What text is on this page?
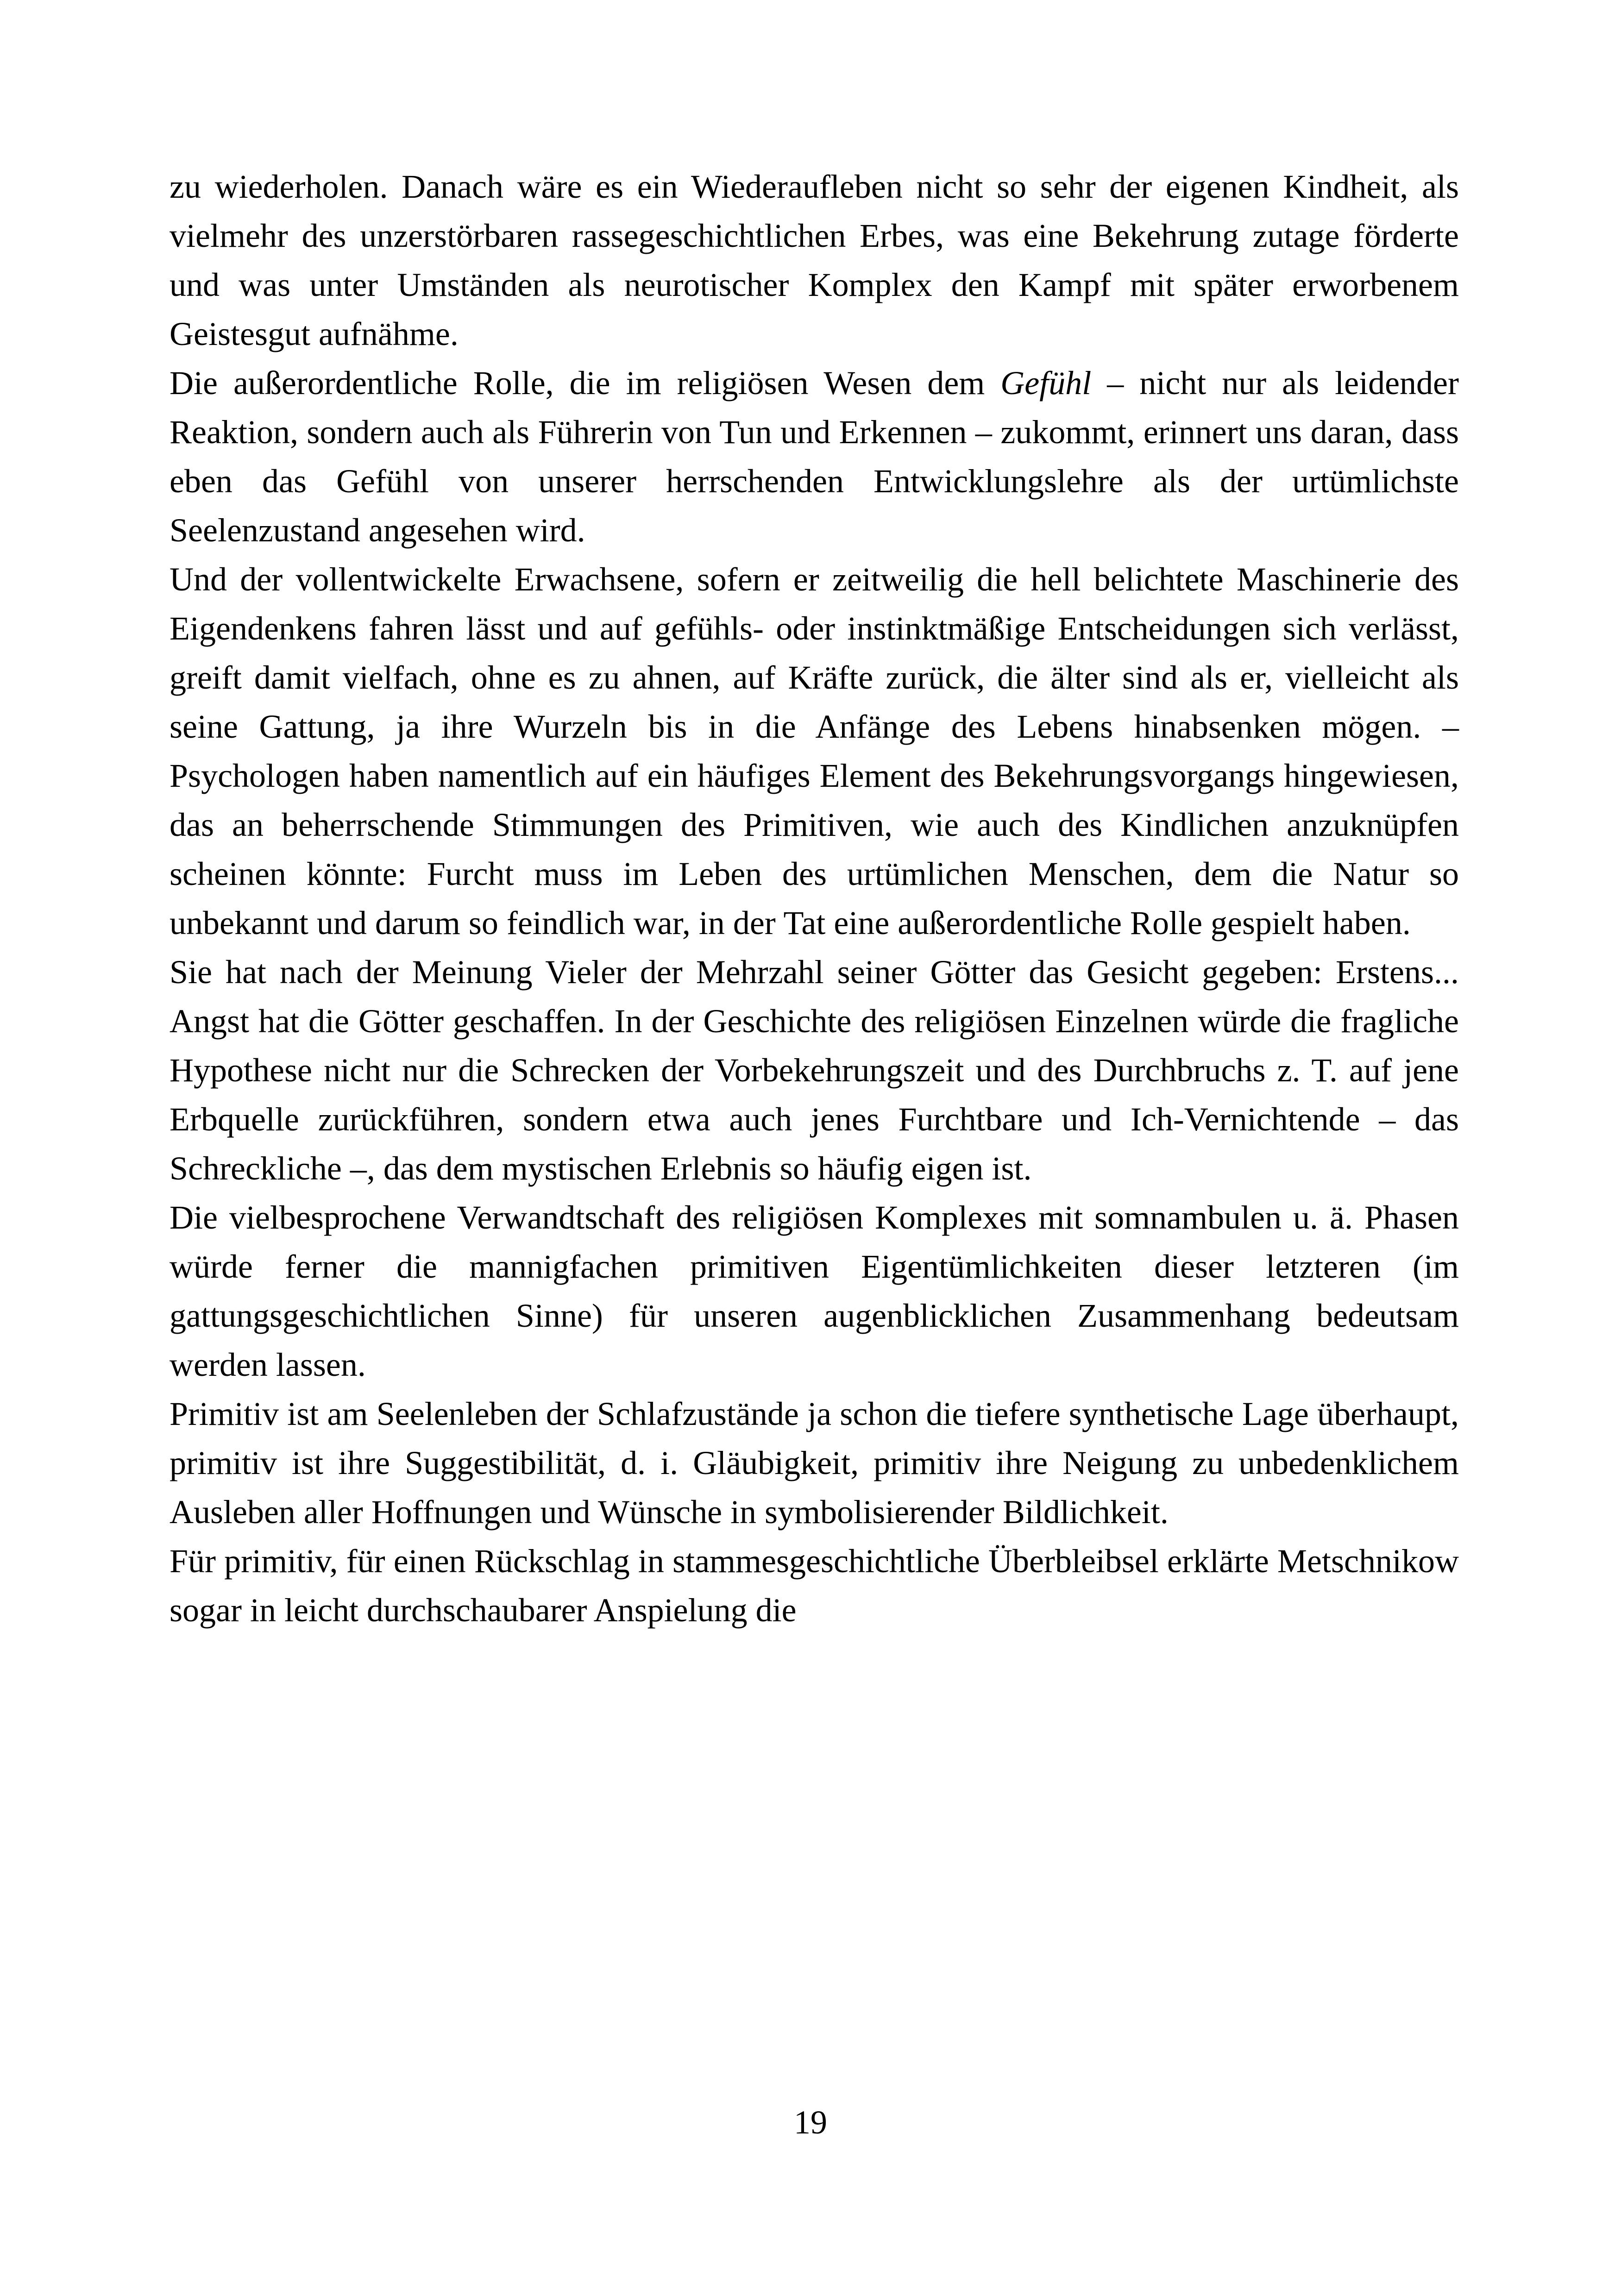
zu wiederholen. Danach wäre es ein Wiederaufleben nicht so sehr der eigenen Kindheit, als vielmehr des unzerstörbaren rassegeschichtlichen Erbes, was eine Bekehrung zutage förderte und was unter Umständen als neurotischer Komplex den Kampf mit später erworbenem Geistesgut aufnähme.

Die außerordentliche Rolle, die im religiösen Wesen dem Gefühl – nicht nur als leidender Reaktion, sondern auch als Führerin von Tun und Erkennen – zukommt, erinnert uns daran, dass eben das Gefühl von unserer herrschenden Entwicklungslehre als der urtümlichste Seelenzustand angesehen wird.

Und der vollentwickelte Erwachsene, sofern er zeitweilig die hell belichtete Maschinerie des Eigendenkens fahren lässt und auf gefühls- oder instinktmäßige Entscheidungen sich verlässt, greift damit vielfach, ohne es zu ahnen, auf Kräfte zurück, die älter sind als er, vielleicht als seine Gattung, ja ihre Wurzeln bis in die Anfänge des Lebens hinabsenken mögen. – Psychologen haben namentlich auf ein häufiges Element des Bekehrungsvorgangs hingewiesen, das an beherrschende Stimmungen des Primitiven, wie auch des Kindlichen anzuknüpfen scheinen könnte: Furcht muss im Leben des urtümlichen Menschen, dem die Natur so unbekannt und darum so feindlich war, in der Tat eine außerordentliche Rolle gespielt haben.

Sie hat nach der Meinung Vieler der Mehrzahl seiner Götter das Gesicht gegeben: Erstens... Angst hat die Götter geschaffen. In der Geschichte des religiösen Einzelnen würde die fragliche Hypothese nicht nur die Schrecken der Vorbekehrungszeit und des Durchbruchs z. T. auf jene Erbquelle zurückführen, sondern etwa auch jenes Furchtbare und Ich-Vernichtende – das Schreckliche –, das dem mystischen Erlebnis so häufig eigen ist.

Die vielbesprochene Verwandtschaft des religiösen Komplexes mit somnambulen u. ä. Phasen würde ferner die mannigfachen primitiven Eigentümlichkeiten dieser letzteren (im gattungsgeschichtlichen Sinne) für unseren augenblicklichen Zusammenhang bedeutsam werden lassen.

Primitiv ist am Seelenleben der Schlafzustände ja schon die tiefere synthetische Lage überhaupt, primitiv ist ihre Suggestibilität, d. i. Gläubigkeit, primitiv ihre Neigung zu unbedenklichem Ausleben aller Hoffnungen und Wünsche in symbolisierender Bildlichkeit.

Für primitiv, für einen Rückschlag in stammesgeschichtliche Überbleibsel erklärte Metschnikow sogar in leicht durchschaubarer Anspielung die

19
